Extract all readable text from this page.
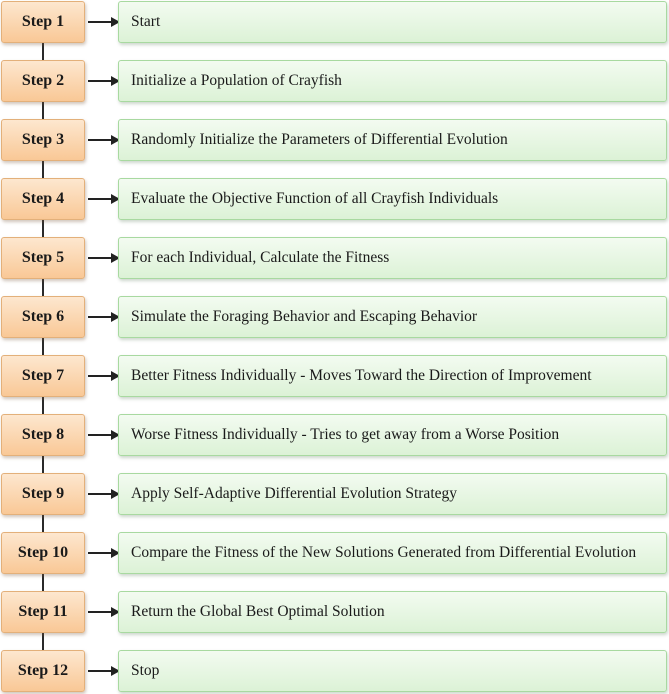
Step 1	Start
Step 2	Initialize a Population of Crayfish
Step 3	Randomly Initialize the Parameters of Differential Evolution
Step 4	Evaluate the Objective Function of all Crayfish Individuals
Step 5	For each Individual, Calculate the Fitness
Step 6	Simulate the Foraging Behavior and Escaping Behavior
Step 7	Better Fitness Individually - Moves Toward the Direction of Improvement
Step 8	Worse Fitness Individually - Tries to get away from a Worse Position
Step 9	Apply Self-Adaptive Differential Evolution Strategy
Step 10	Compare the Fitness of the New Solutions Generated from Differential Evolution
Step 11	Return the Global Best Optimal Solution
Step 12	Stop
